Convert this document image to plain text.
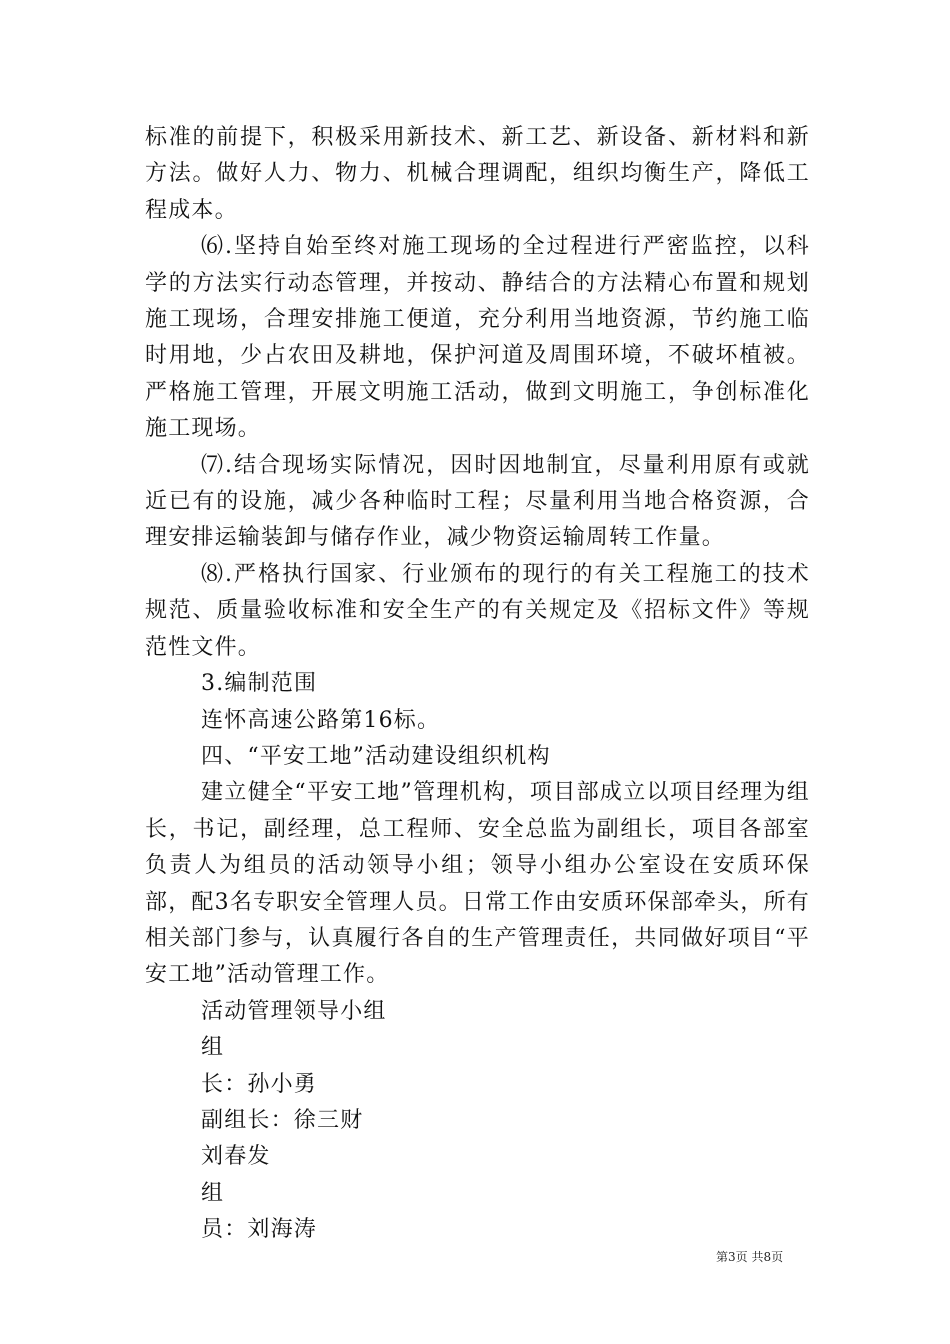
标准的前提下，积极采用新技术、新工艺、新设备、新材料和新方法。做好人力、物力、机械合理调配，组织均衡生产，降低工程成本。

⑹.坚持自始至终对施工现场的全过程进行严密监控，以科学的方法实行动态管理，并按动、静结合的方法精心布置和规划施工现场，合理安排施工便道，充分利用当地资源，节约施工临时用地，少占农田及耕地，保护河道及周围环境，不破坏植被。严格施工管理，开展文明施工活动，做到文明施工，争创标准化施工现场。

⑺.结合现场实际情况，因时因地制宜，尽量利用原有或就近已有的设施，减少各种临时工程；尽量利用当地合格资源，合理安排运输装卸与储存作业，减少物资运输周转工作量。

⑻.严格执行国家、行业颁布的现行的有关工程施工的技术规范、质量验收标准和安全生产的有关规定及《招标文件》等规范性文件。

3.编制范围

连怀高速公路第16标。

四、“平安工地”活动建设组织机构

建立健全“平安工地”管理机构，项目部成立以项目经理为组长，书记，副经理，总工程师、安全总监为副组长，项目各部室负责人为组员的活动领导小组；领导小组办公室设在安质环保部，配3名专职安全管理人员。日常工作由安质环保部牵头，所有相关部门参与，认真履行各自的生产管理责任，共同做好项目“平安工地”活动管理工作。

活动管理领导小组

组

长：孙小勇

副组长：徐三财

刘春发

组

员：刘海涛

第3页 共8页
